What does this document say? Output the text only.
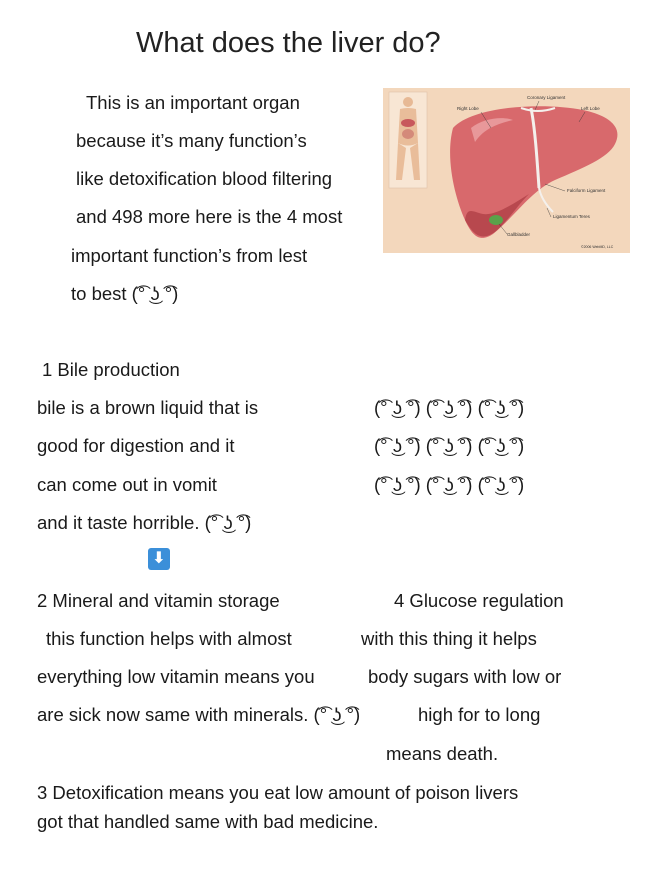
What does the liver do?
This is an important organ
because it’s many function’s
like detoxification blood filtering
and 498 more here is the 4 most
important function’s from lest
to best (͡° ͜ʖ ͡°)
Right Lobe
Coronary Ligament
Left Lobe
Falciform Ligament
Ligamentum Teres
Gallbladder
©2006 WebMD, LLC
1 Bile production
bile is a brown liquid that is
good for digestion and it
can come out in vomit
and it taste horrible. (͡° ͜ʖ ͡°)
(͡° ͜ʖ ͡°) (͡° ͜ʖ ͡°) (͡° ͜ʖ ͡°)
(͡° ͜ʖ ͡°) (͡° ͜ʖ ͡°) (͡° ͜ʖ ͡°)
(͡° ͜ʖ ͡°) (͡° ͜ʖ ͡°) (͡° ͜ʖ ͡°)
⬇
2 Mineral and vitamin storage
this function helps with almost
everything low vitamin means you
are sick now same with minerals. (͡° ͜ʖ ͡°)
4 Glucose regulation
with this thing it helps
body sugars with low or
high for to long
means death.
3 Detoxification means you eat low amount of poison livers
got that handled same with bad medicine.
